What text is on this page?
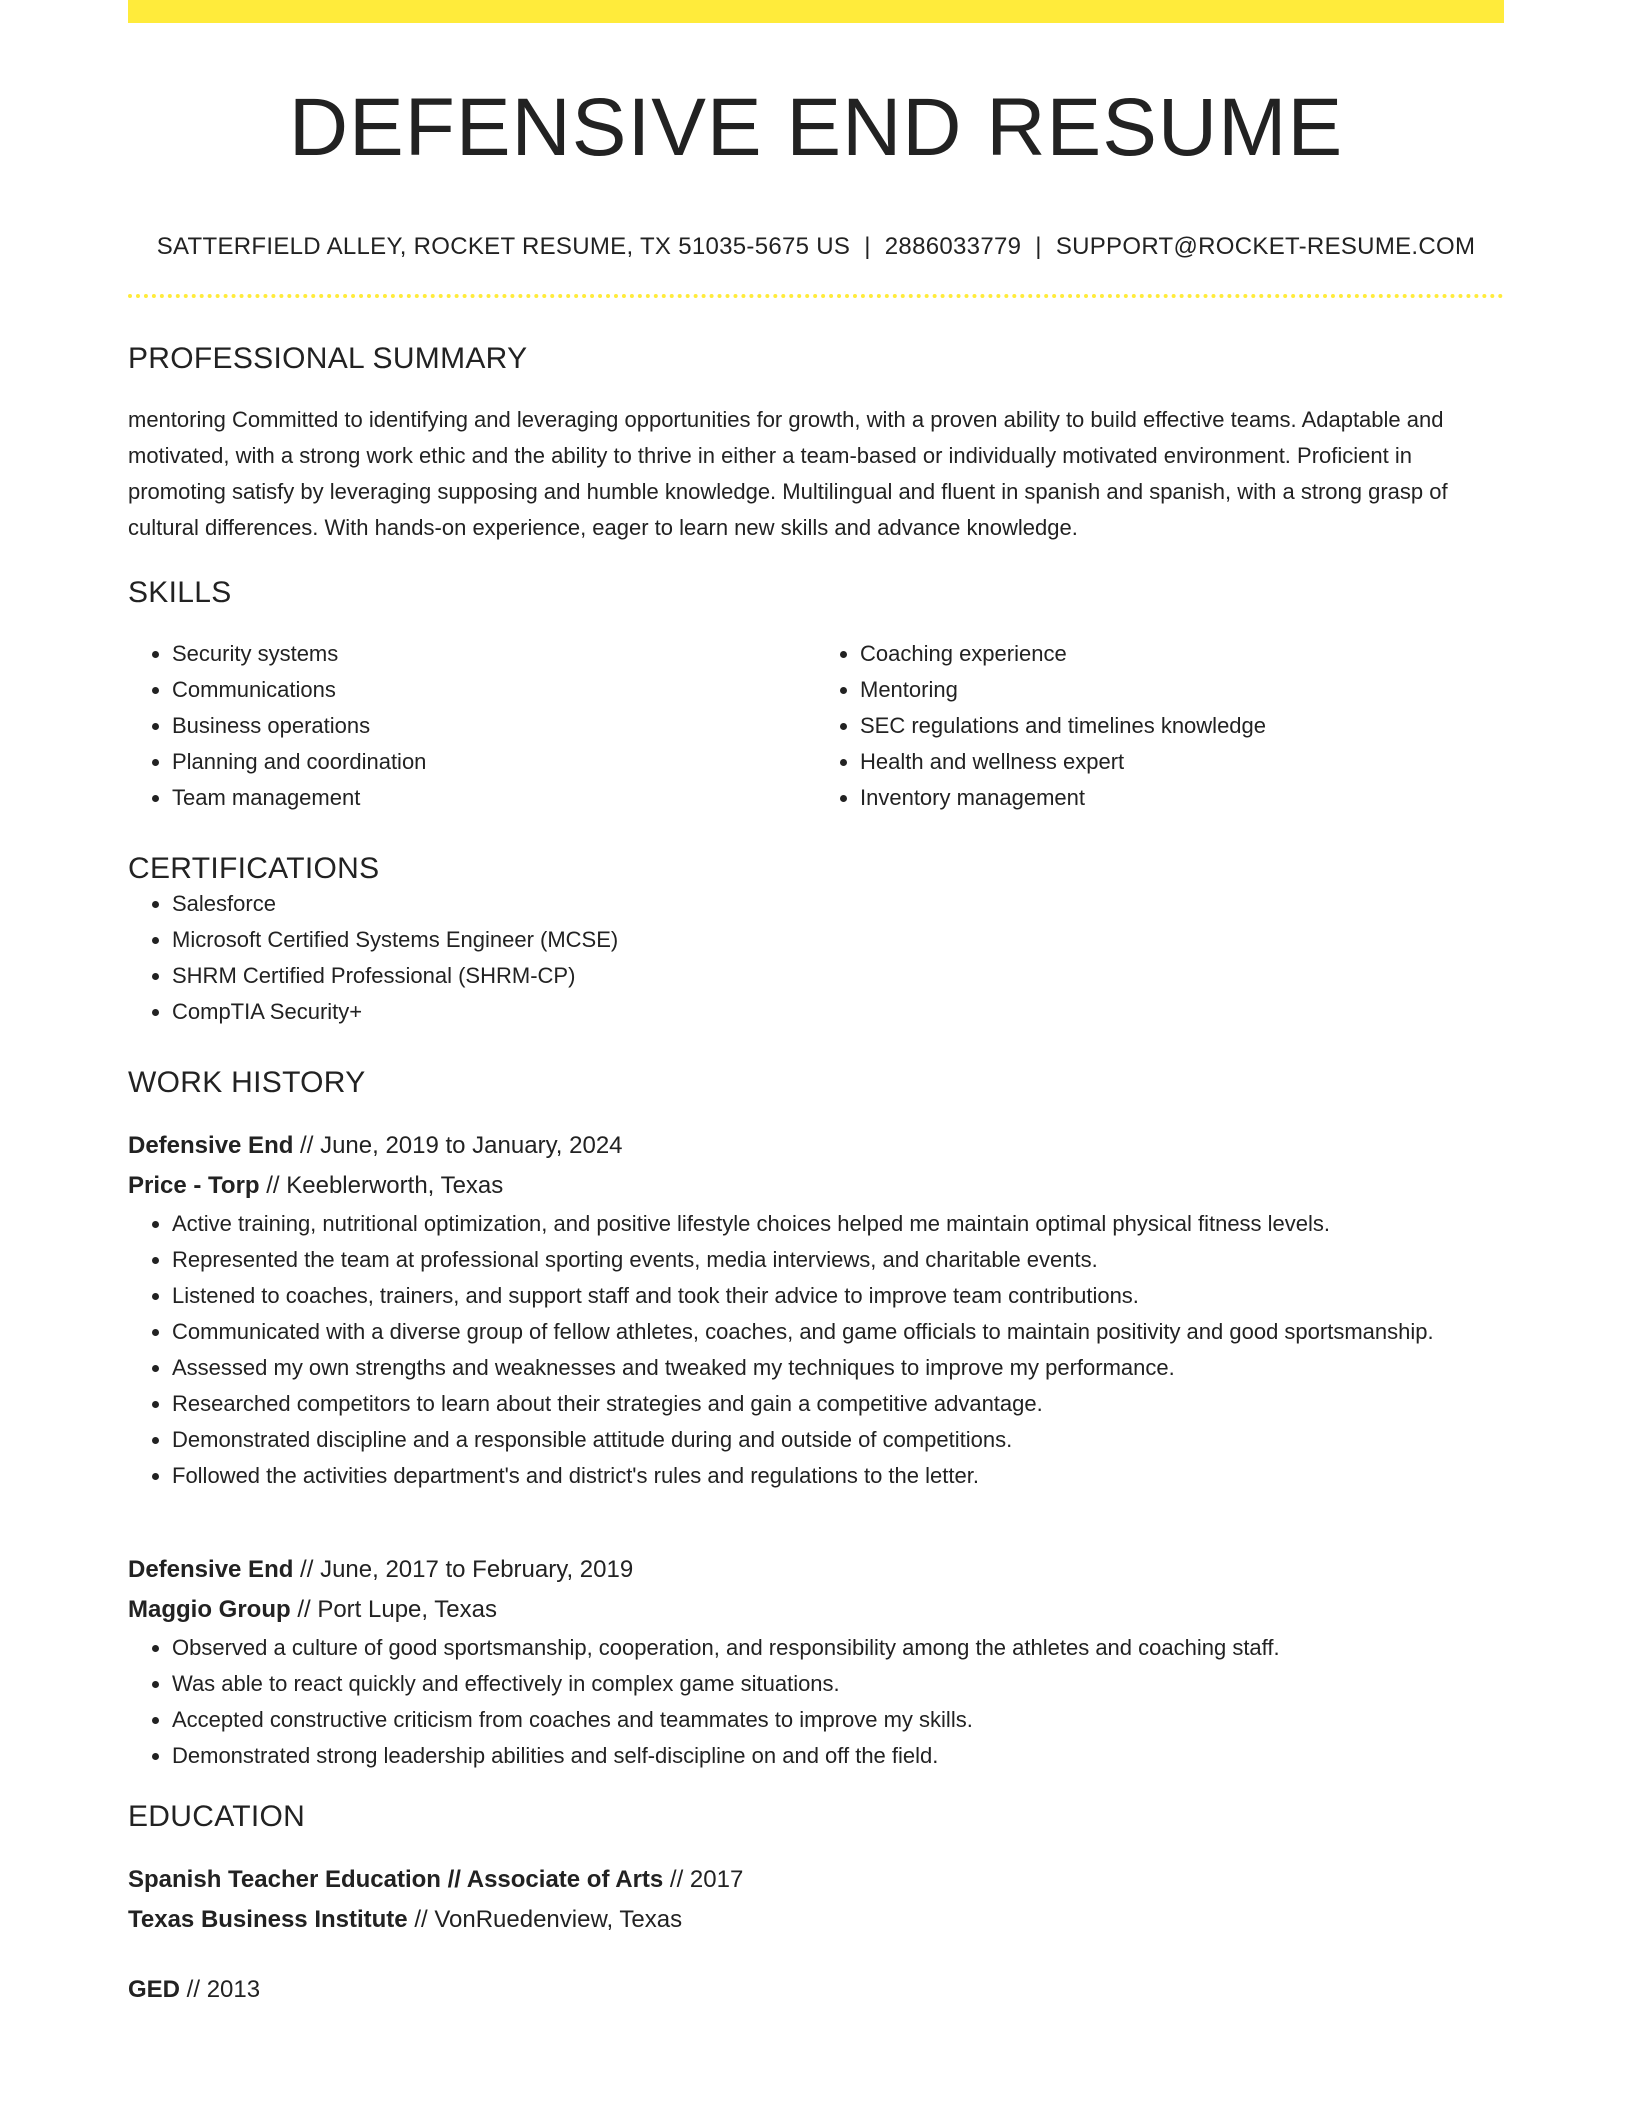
DEFENSIVE END RESUME
SATTERFIELD ALLEY, ROCKET RESUME, TX 51035-5675 US | 2886033779 | SUPPORT@ROCKET-RESUME.COM
PROFESSIONAL SUMMARY
mentoring Committed to identifying and leveraging opportunities for growth, with a proven ability to build effective teams. Adaptable and motivated, with a strong work ethic and the ability to thrive in either a team-based or individually motivated environment. Proficient in promoting satisfy by leveraging supposing and humble knowledge. Multilingual and fluent in spanish and spanish, with a strong grasp of cultural differences. With hands-on experience, eager to learn new skills and advance knowledge.
SKILLS
• Security systems
• Communications
• Business operations
• Planning and coordination
• Team management
• Coaching experience
• Mentoring
• SEC regulations and timelines knowledge
• Health and wellness expert
• Inventory management
CERTIFICATIONS
• Salesforce
• Microsoft Certified Systems Engineer (MCSE)
• SHRM Certified Professional (SHRM-CP)
• CompTIA Security+
WORK HISTORY
Defensive End // June, 2019 to January, 2024
Price - Torp // Keeblerworth, Texas
• Active training, nutritional optimization, and positive lifestyle choices helped me maintain optimal physical fitness levels.
• Represented the team at professional sporting events, media interviews, and charitable events.
• Listened to coaches, trainers, and support staff and took their advice to improve team contributions.
• Communicated with a diverse group of fellow athletes, coaches, and game officials to maintain positivity and good sportsmanship.
• Assessed my own strengths and weaknesses and tweaked my techniques to improve my performance.
• Researched competitors to learn about their strategies and gain a competitive advantage.
• Demonstrated discipline and a responsible attitude during and outside of competitions.
• Followed the activities department's and district's rules and regulations to the letter.
Defensive End // June, 2017 to February, 2019
Maggio Group // Port Lupe, Texas
• Observed a culture of good sportsmanship, cooperation, and responsibility among the athletes and coaching staff.
• Was able to react quickly and effectively in complex game situations.
• Accepted constructive criticism from coaches and teammates to improve my skills.
• Demonstrated strong leadership abilities and self-discipline on and off the field.
EDUCATION
Spanish Teacher Education // Associate of Arts // 2017
Texas Business Institute // VonRuedenview, Texas
GED // 2013
